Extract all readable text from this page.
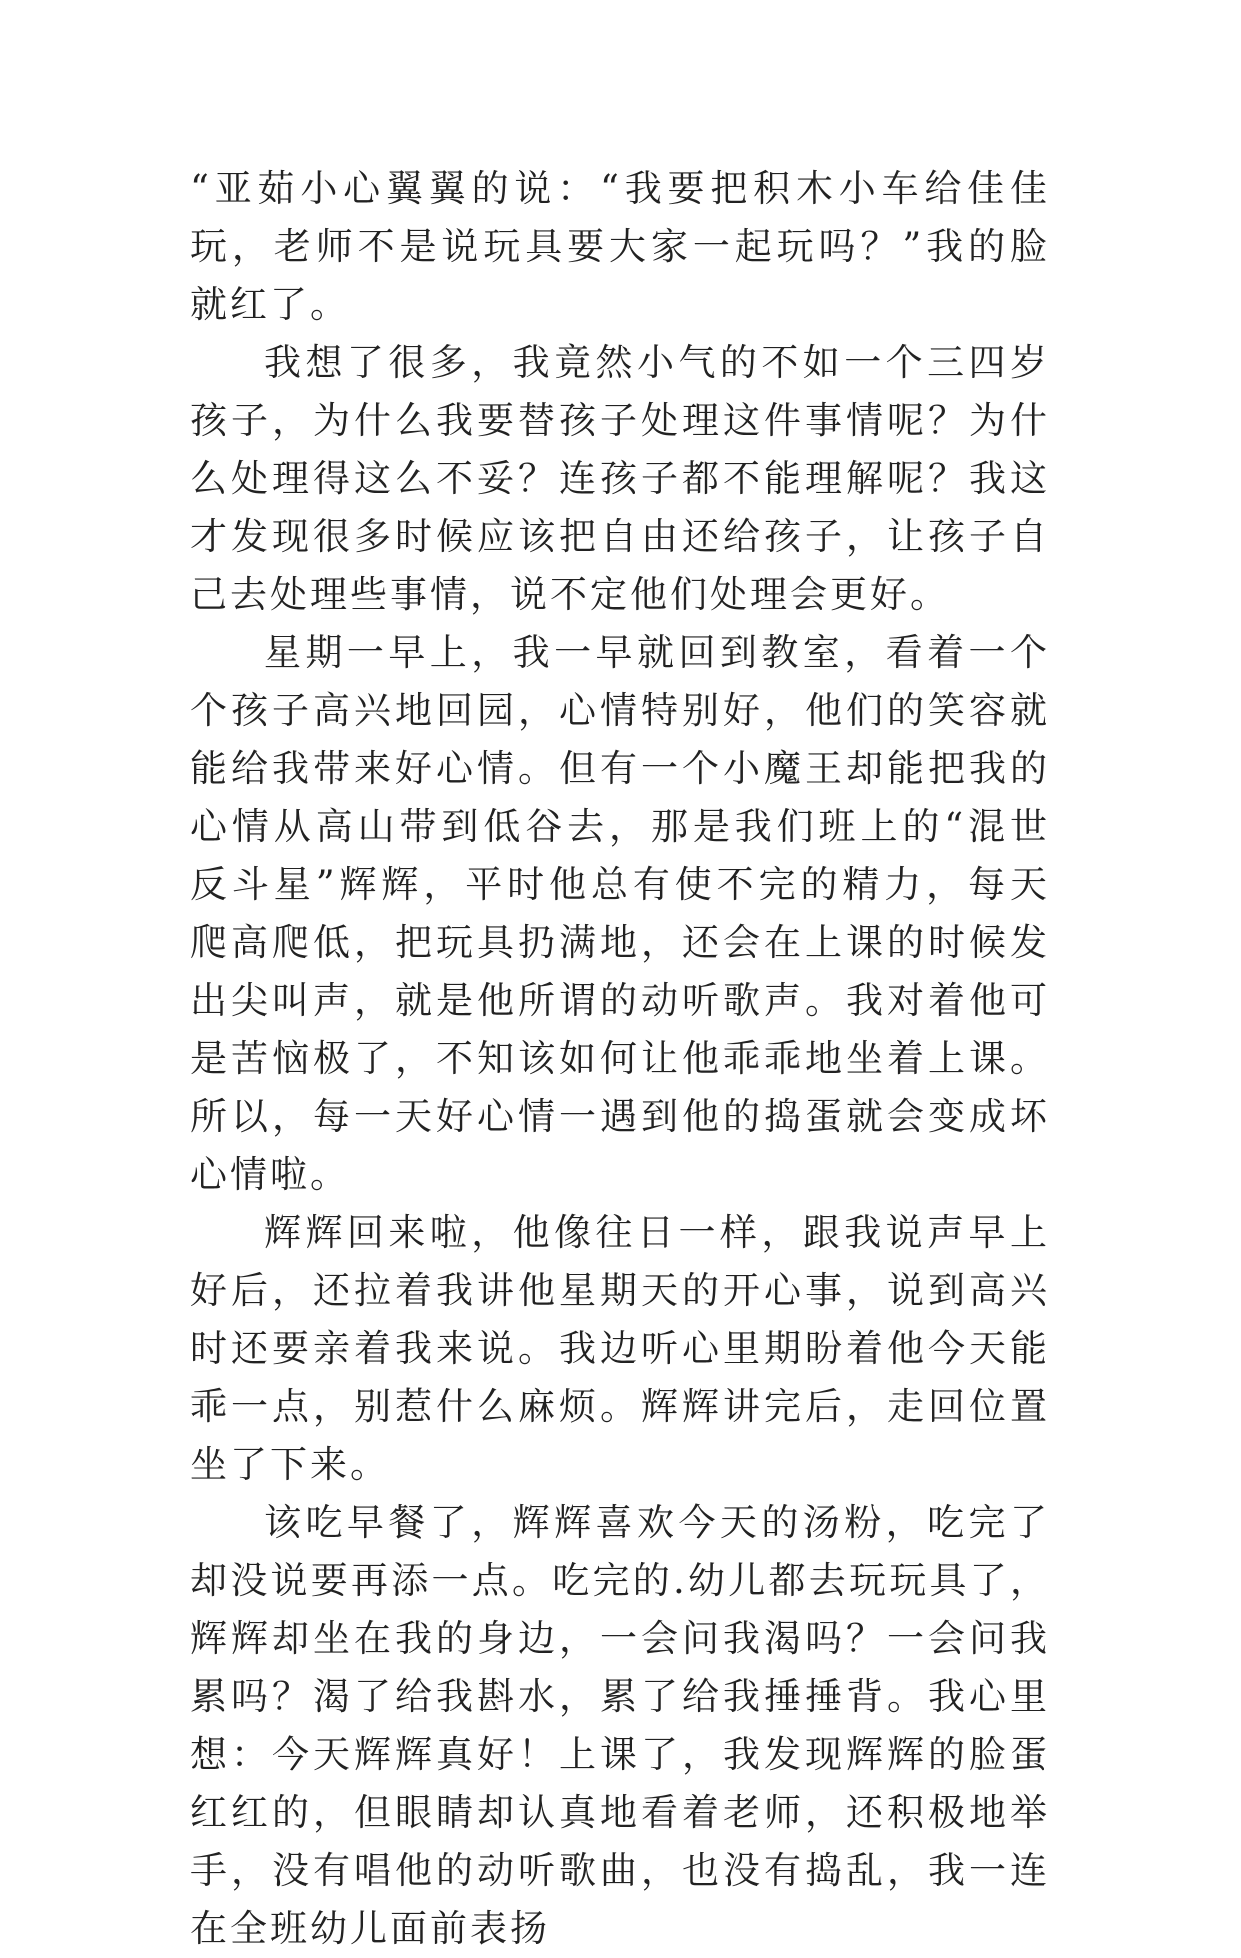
“亚茹小心翼翼的说：“我要把积木小车给佳佳玩，老师不是说玩具要大家一起玩吗？”我的脸就红了。

我想了很多，我竟然小气的不如一个三四岁孩子，为什么我要替孩子处理这件事情呢？为什么处理得这么不妥？连孩子都不能理解呢？我这才发现很多时候应该把自由还给孩子，让孩子自己去处理些事情，说不定他们处理会更好。

星期一早上，我一早就回到教室，看着一个个孩子高兴地回园，心情特别好，他们的笑容就能给我带来好心情。但有一个小魔王却能把我的心情从高山带到低谷去，那是我们班上的“混世反斗星”辉辉，平时他总有使不完的精力，每天爬高爬低，把玩具扔满地，还会在上课的时候发出尖叫声，就是他所谓的动听歌声。我对着他可是苦恼极了，不知该如何让他乖乖地坐着上课。所以，每一天好心情一遇到他的捣蛋就会变成坏心情啦。

辉辉回来啦，他像往日一样，跟我说声早上好后，还拉着我讲他星期天的开心事，说到高兴时还要亲着我来说。我边听心里期盼着他今天能乖一点，别惹什么麻烦。辉辉讲完后，走回位置坐了下来。

该吃早餐了，辉辉喜欢今天的汤粉，吃完了却没说要再添一点。吃完的.幼儿都去玩玩具了，辉辉却坐在我的身边，一会问我渴吗？一会问我累吗？渴了给我斟水，累了给我捶捶背。我心里想：今天辉辉真好！上课了，我发现辉辉的脸蛋红红的，但眼睛却认真地看着老师，还积极地举手，没有唱他的动听歌曲，也没有捣乱，我一连在全班幼儿面前表扬
